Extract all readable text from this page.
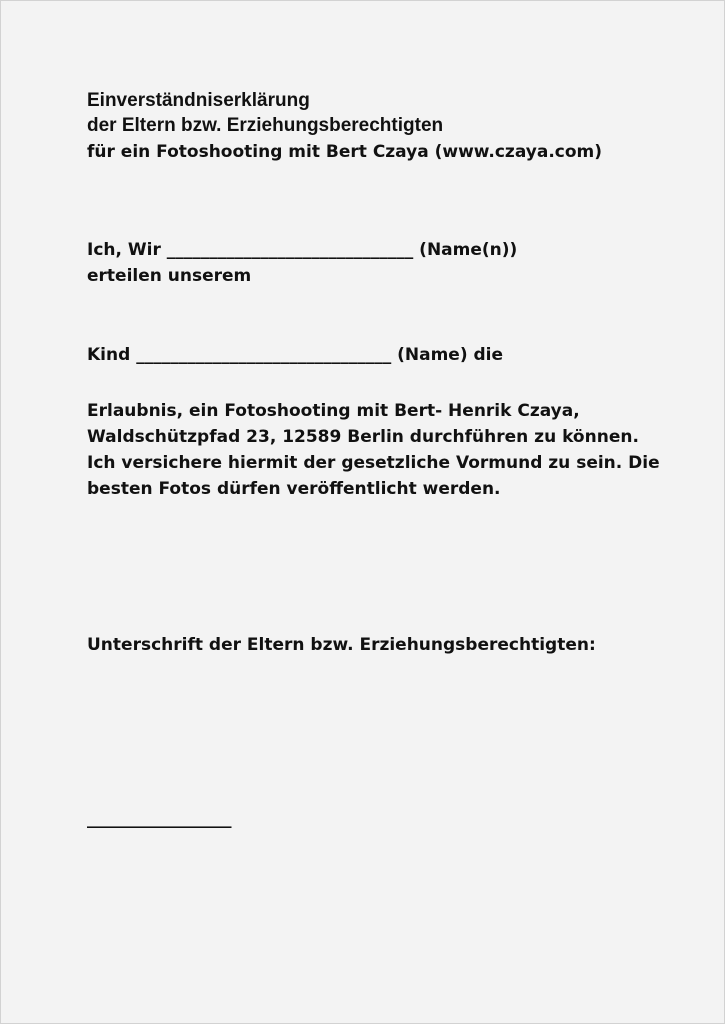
Einverständniserklärung
der Eltern bzw. Erziehungsberechtigten
für ein Fotoshooting mit Bert Czaya (www.czaya.com)
Ich, Wir _____________________________ (Name(n))
erteilen unserem
Kind ______________________________ (Name) die
Erlaubnis, ein Fotoshooting mit Bert- Henrik Czaya,
Waldschützpfad 23, 12589 Berlin durchführen zu können.
Ich versichere hiermit der gesetzliche Vormund zu sein. Die
besten Fotos dürfen veröffentlicht werden.
Unterschrift der Eltern bzw. Erziehungsberechtigten:
_________________
